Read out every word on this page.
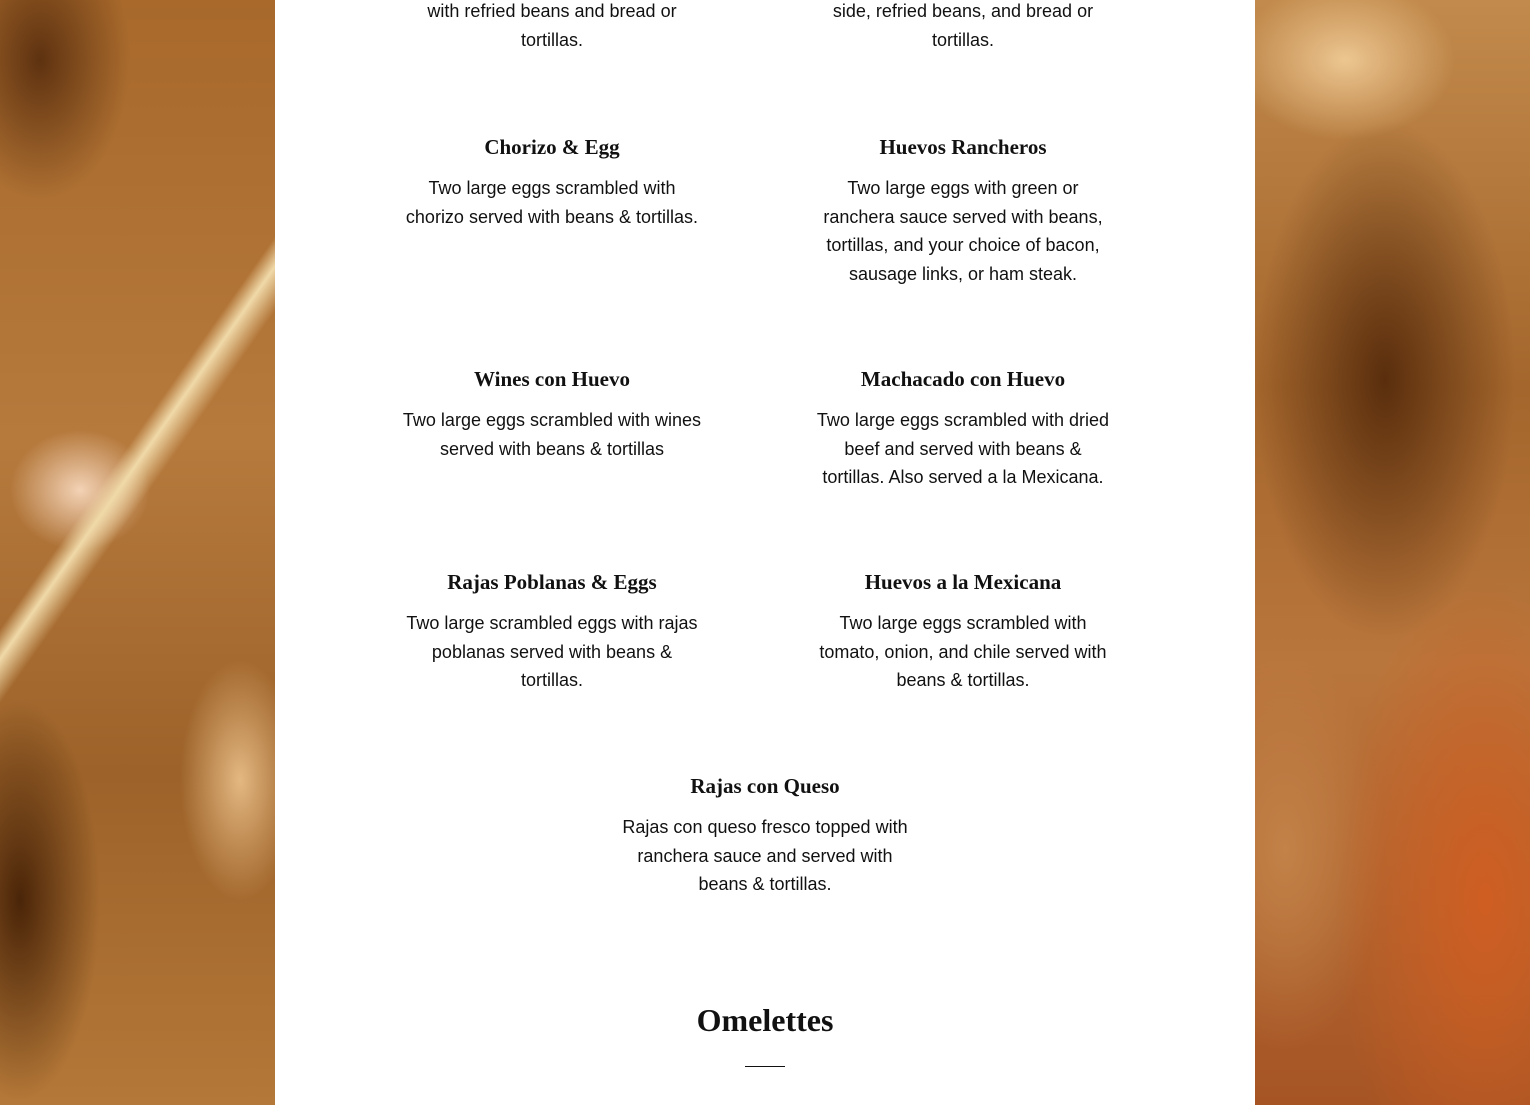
with refried beans and bread or
tortillas.

side, refried beans, and bread or
tortillas.

Chorizo & Egg

Two large eggs scrambled with
chorizo served with beans & tortillas.

Huevos Rancheros

Two large eggs with green or
ranchera sauce served with beans,
tortillas, and your choice of bacon,
sausage links, or ham steak.

Wines con Huevo

Two large eggs scrambled with wines
served with beans & tortillas

Machacado con Huevo

Two large eggs scrambled with dried
beef and served with beans &
tortillas. Also served a la Mexicana.

Rajas Poblanas & Eggs

Two large scrambled eggs with rajas
poblanas served with beans &
tortillas.

Huevos a la Mexicana

Two large eggs scrambled with
tomato, onion, and chile served with
beans & tortillas.

Rajas con Queso

Rajas con queso fresco topped with
ranchera sauce and served with
beans & tortillas.

Omelettes
